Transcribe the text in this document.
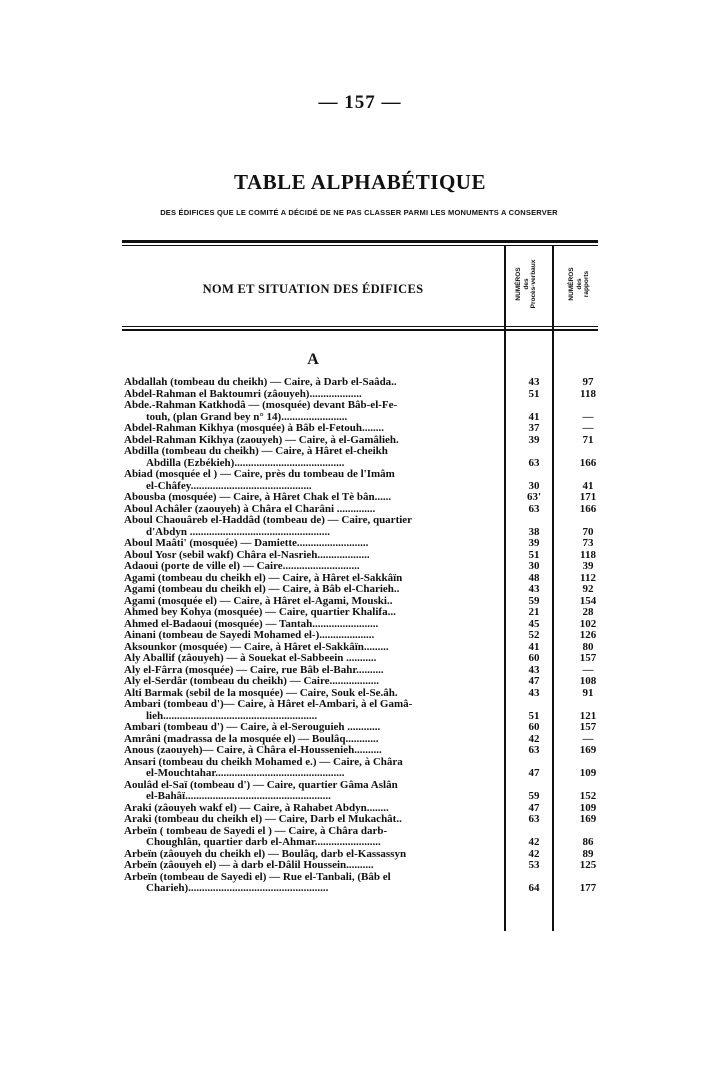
— 157 —
TABLE ALPHABÉTIQUE
DES ÉDIFICES QUE LE COMITÉ A DÉCIDÉ DE NE PAS CLASSER PARMI LES MONUMENTS A CONSERVER
NOM ET SITUATION DES ÉDIFICES	NUMÉROS
des
Procès-verbaux	NUMÉROS
des
rapports
A
Abdallah (tombeau du cheikh) — Caire, à Darb el-Saâda..	43	97
Abdel-Rahman el Baktoumri (zâouyeh)...................	51	118
Abde.-Rahman Katkhodâ — (mosquée) devant Bâb-el-Fe-
touh, (plan Grand bey n° 14)........................	41	—
Abdel-Rahman Kikhya (mosquée) à Bâb el-Fetouh........	37	—
Abdel-Rahman Kikhya (zaouyeh) — Caire, à el-Gamâlieh.	39	71
Abdilla (tombeau du cheikh) — Caire, à Hâret el-cheikh
Abdilla (Ezbékieh)........................................	63	166
Abiad (mosquée el ) — Caire, près du tombeau de l'Imâm
el-Châfey............................................	30	41
Abousba (mosquée) — Caire, à Hâret Chak el Tè bân......	63'	171
Aboul Achâler (zaouyeh) à Châra el Charâni ..............	63	166
Aboul Chaouâreb el-Haddâd (tombeau de) — Caire, quartier
d'Abdyn ...................................................	38	70
Aboul Maâti' (mosquée) — Damiette..........................	39	73
Aboul Yosr (sebil wakf) Châra el-Nasrieh...................	51	118
Adaoui (porte de ville el) — Caire............................	30	39
Agami (tombeau du cheikh el) — Caire, à Hâret el-Sakkâïn	48	112
Agami (tombeau du cheikh el) — Caire, à Bâb el-Charieh..	43	92
Agami (mosquée el) — Caire, à Hâret el-Agami, Mouski..	59	154
Ahmed bey Kohya (mosquée) — Caire, quartier Khalifa...	21	28
Ahmed el-Badaoui (mosquée) — Tantah........................	45	102
Ainani (tombeau de Sayedi Mohamed el-)....................	52	126
Aksounkor (mosquée) — Caire, à Hâret el-Sakkâïn.........	41	80
Aly Aballif (zâouyeh) — à Souekat el-Sabbeein ...........	60	157
Aly el-Fârra (mosquée) — Caire, rue Bâb el-Bahr..........	43	—
Aly el-Serdâr (tombeau du cheikh) — Caire..................	47	108
Alti Barmak (sebil de la mosquée) — Caire, Souk el-Se.âh.	43	91
Ambari (tombeau d')— Caire, à Hâret el-Ambari, à el Gamâ-
lieh........................................................	51	121
Ambari (tombeau d') — Caire, à el-Serouguieh ............	60	157
Amrâni (madrassa de la mosquée el) — Boulâq............	42	—
Anous (zaouyeh)— Caire, à Châra el-Houssenieh..........	63	169
Ansari (tombeau du cheikh Mohamed e.) — Caire, à Châra
el-Mouchtahar...............................................	47	109
Aoulâd el-Saï (tombeau d') — Caire, quartier Gâma Aslân
el-Bahâï.....................................................	59	152
Araki (zâouyeh wakf el) — Caire, à Rahabet Abdyn........	47	109
Araki (tombeau du cheikh el) — Caire, Darb el Mukachât..	63	169
Arbeïn ( tombeau de Sayedi el ) — Caire, à Châra darb-
Choughlân, quartier darb el-Ahmar........................	42	86
Arbeïn (zâouyeh du cheikh el) — Boulâq, darb el-Kassassyn	42	89
Arbeïn (zâouyeh el) — à darb el-Dâlil Houssein..........	53	125
Arbeïn (tombeau de Sayedi el) — Rue el-Tanbali, (Bâb el
Charieh)...................................................	64	177
